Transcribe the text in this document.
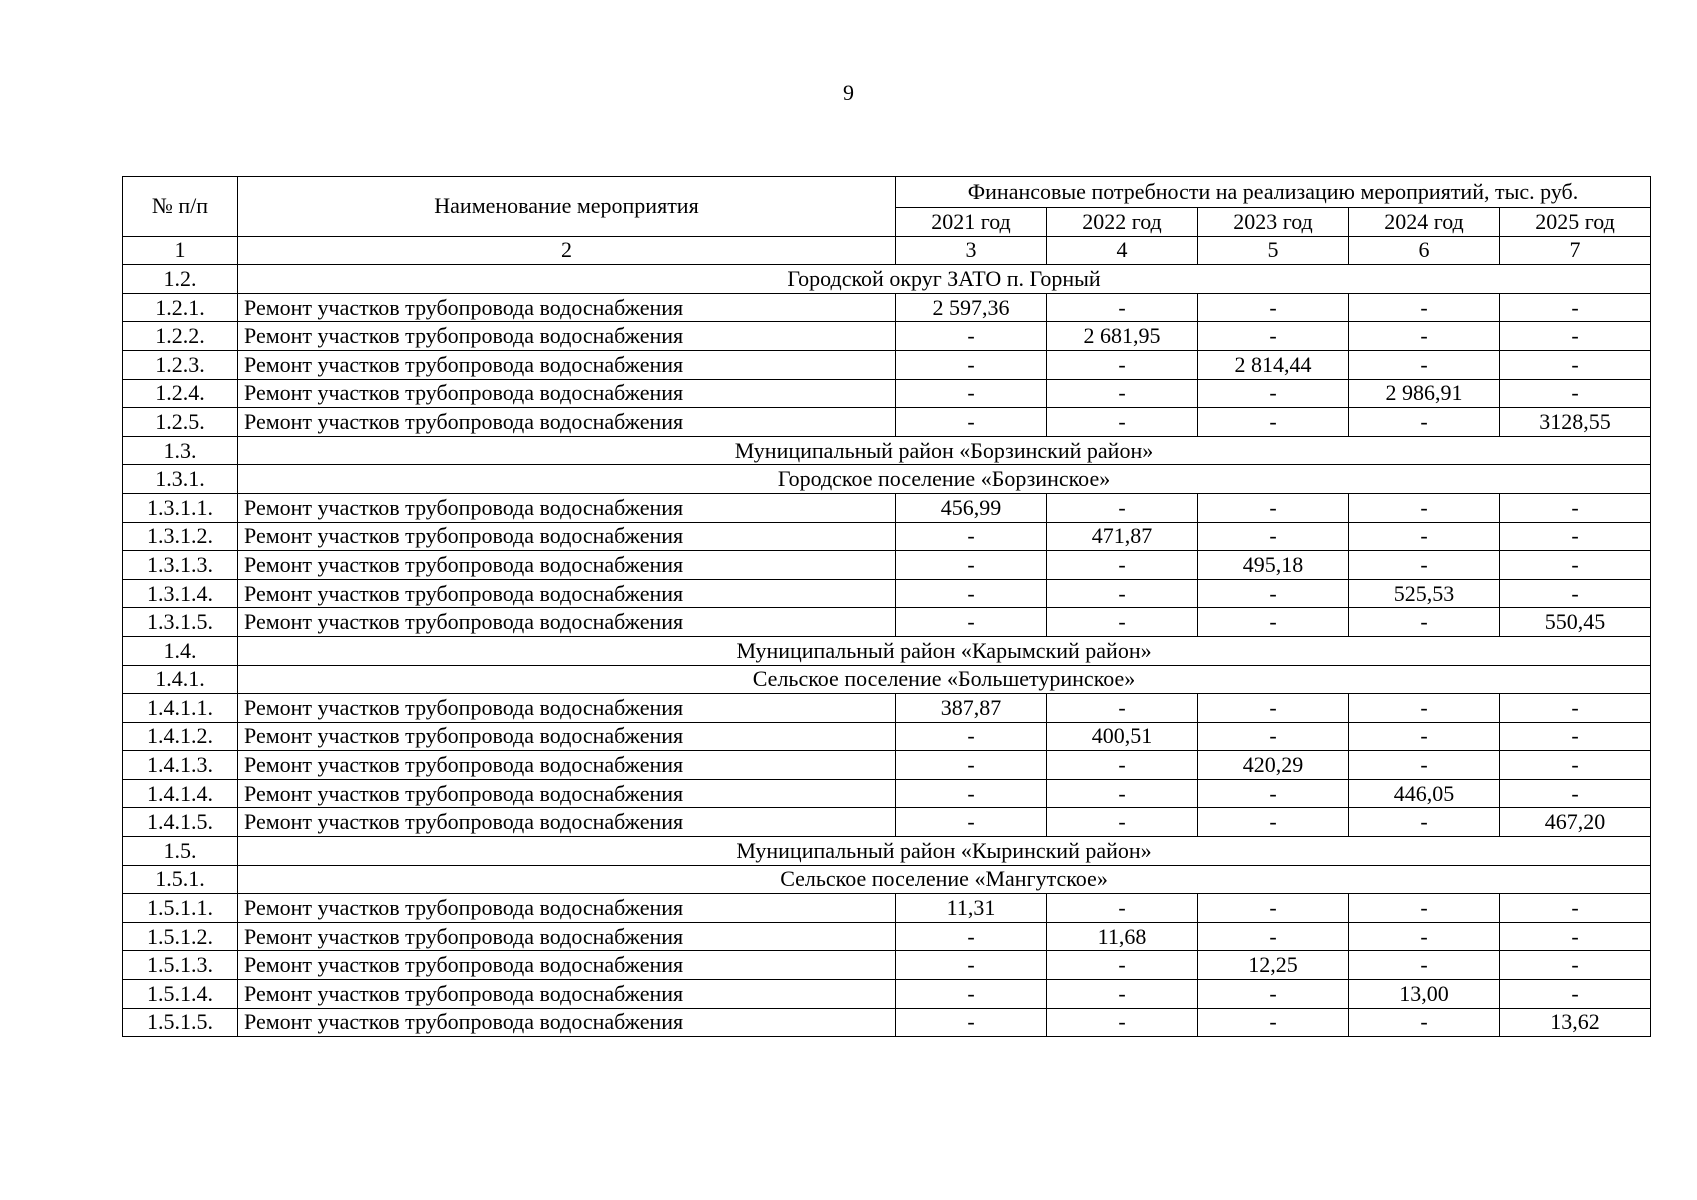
9
№ п/п	Наименование мероприятия	Финансовые потребности на реализацию мероприятий, тыс. руб.				
		2021 год	2022 год	2023 год	2024 год	2025 год
1	2	3	4	5	6	7
1.2.	Городской округ ЗАТО п. Горный					
1.2.1.	Ремонт участков трубопровода водоснабжения	2 597,36	-	-	-	-
1.2.2.	Ремонт участков трубопровода водоснабжения	-	2 681,95	-	-	-
1.2.3.	Ремонт участков трубопровода водоснабжения	-	-	2 814,44	-	-
1.2.4.	Ремонт участков трубопровода водоснабжения	-	-	-	2 986,91	-
1.2.5.	Ремонт участков трубопровода водоснабжения	-	-	-	-	3128,55
1.3.	Муниципальный район «Борзинский район»					
1.3.1.	Городское поселение «Борзинское»					
1.3.1.1.	Ремонт участков трубопровода водоснабжения	456,99	-	-	-	-
1.3.1.2.	Ремонт участков трубопровода водоснабжения	-	471,87	-	-	-
1.3.1.3.	Ремонт участков трубопровода водоснабжения	-	-	495,18	-	-
1.3.1.4.	Ремонт участков трубопровода водоснабжения	-	-	-	525,53	-
1.3.1.5.	Ремонт участков трубопровода водоснабжения	-	-	-	-	550,45
1.4.	Муниципальный район «Карымский район»					
1.4.1.	Сельское поселение «Большетуринское»					
1.4.1.1.	Ремонт участков трубопровода водоснабжения	387,87	-	-	-	-
1.4.1.2.	Ремонт участков трубопровода водоснабжения	-	400,51	-	-	-
1.4.1.3.	Ремонт участков трубопровода водоснабжения	-	-	420,29	-	-
1.4.1.4.	Ремонт участков трубопровода водоснабжения	-	-	-	446,05	-
1.4.1.5.	Ремонт участков трубопровода водоснабжения	-	-	-	-	467,20
1.5.	Муниципальный район «Кыринский район»					
1.5.1.	Сельское поселение «Мангутское»					
1.5.1.1.	Ремонт участков трубопровода водоснабжения	11,31	-	-	-	-
1.5.1.2.	Ремонт участков трубопровода водоснабжения	-	11,68	-	-	-
1.5.1.3.	Ремонт участков трубопровода водоснабжения	-	-	12,25	-	-
1.5.1.4.	Ремонт участков трубопровода водоснабжения	-	-	-	13,00	-
1.5.1.5.	Ремонт участков трубопровода водоснабжения	-	-	-	-	13,62
